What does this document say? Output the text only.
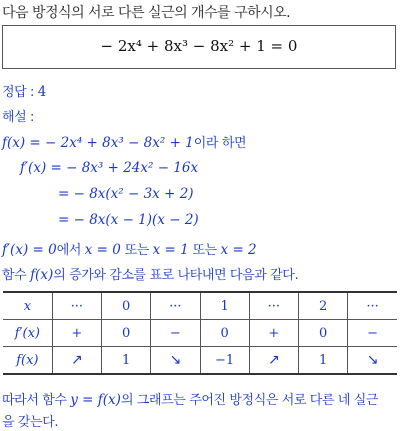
다음 방정식의 서로 다른 실근의 개수를 구하시오.
− 2x⁴ + 8x³ − 8x² + 1 = 0
정답 : 4
해설 :
f(x) = − 2x⁴ + 8x³ − 8x² + 1이라 하면
f′(x) = − 8x³ + 24x² − 16x
= − 8x(x² − 3x + 2)
= − 8x(x − 1)(x − 2)
f′(x) = 0에서 x = 0 또는 x = 1 또는 x = 2
함수 f(x)의 증가와 감소를 표로 나타내면 다음과 같다.
x	···	0	···	1	···	2	···
f′(x)	+	0	−	0	+	0	−
f(x)	↗	1	↘	−1	↗	1	↘
따라서 함수 y = f(x)의 그래프는 주어진 방정식은 서로 다른 네 실근
을 갖는다.
